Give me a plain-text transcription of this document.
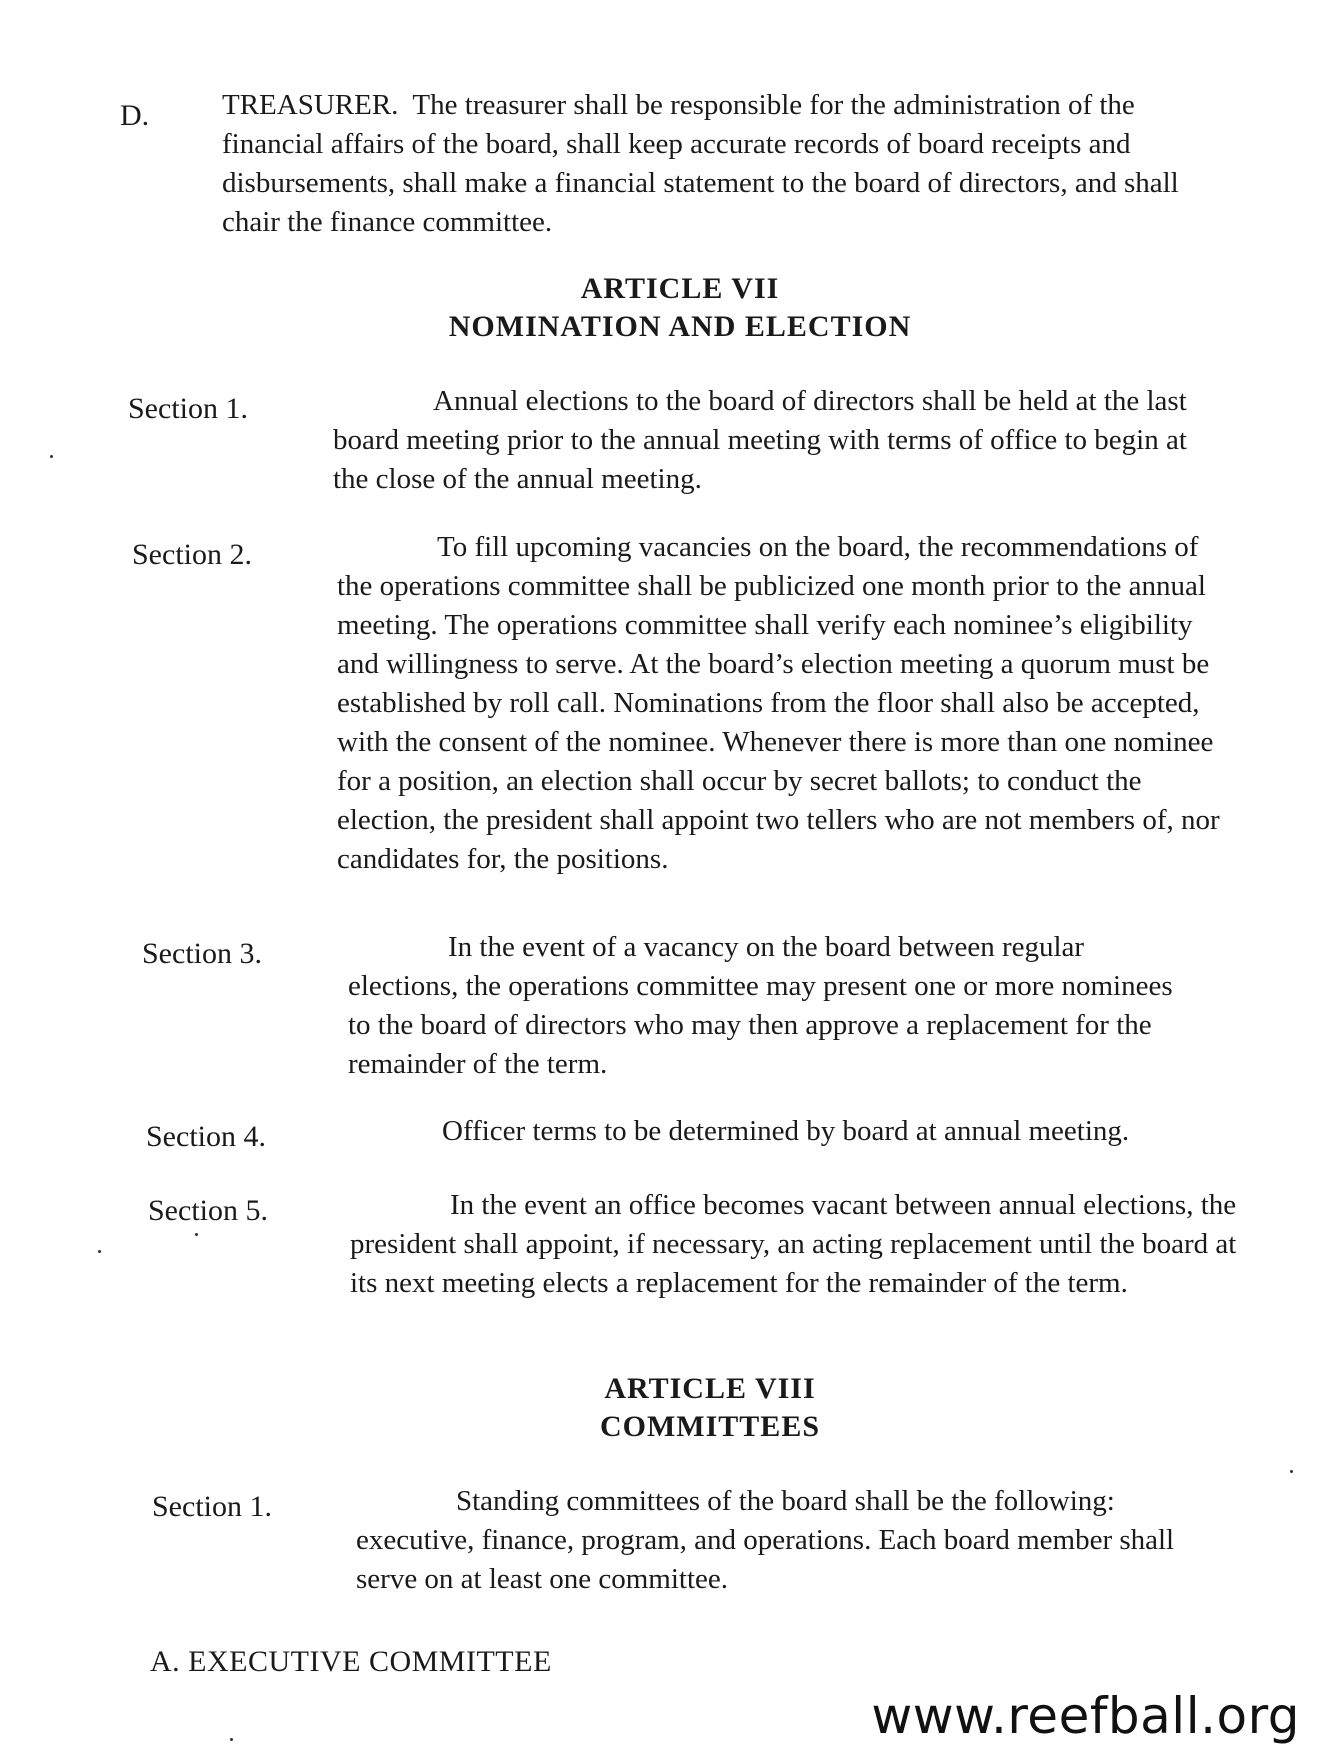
D.	TREASURER. The treasurer shall be responsible for the administration of the financial affairs of the board, shall keep accurate records of board receipts and disbursements, shall make a financial statement to the board of directors, and shall chair the finance committee.
ARTICLE VII
NOMINATION AND ELECTION
Section 1.	Annual elections to the board of directors shall be held at the last board meeting prior to the annual meeting with terms of office to begin at the close of the annual meeting.
Section 2.	To fill upcoming vacancies on the board, the recommendations of the operations committee shall be publicized one month prior to the annual meeting. The operations committee shall verify each nominee’s eligibility and willingness to serve. At the board’s election meeting a quorum must be established by roll call. Nominations from the floor shall also be accepted, with the consent of the nominee. Whenever there is more than one nominee for a position, an election shall occur by secret ballots; to conduct the election, the president shall appoint two tellers who are not members of, nor candidates for, the positions.
Section 3.	In the event of a vacancy on the board between regular elections, the operations committee may present one or more nominees to the board of directors who may then approve a replacement for the remainder of the term.
Section 4.	Officer terms to be determined by board at annual meeting.
Section 5.	In the event an office becomes vacant between annual elections, the president shall appoint, if necessary, an acting replacement until the board at its next meeting elects a replacement for the remainder of the term.
ARTICLE VIII
COMMITTEES
Section 1.	Standing committees of the board shall be the following: executive, finance, program, and operations. Each board member shall serve on at least one committee.
A. EXECUTIVE COMMITTEE
www.reefball.org
